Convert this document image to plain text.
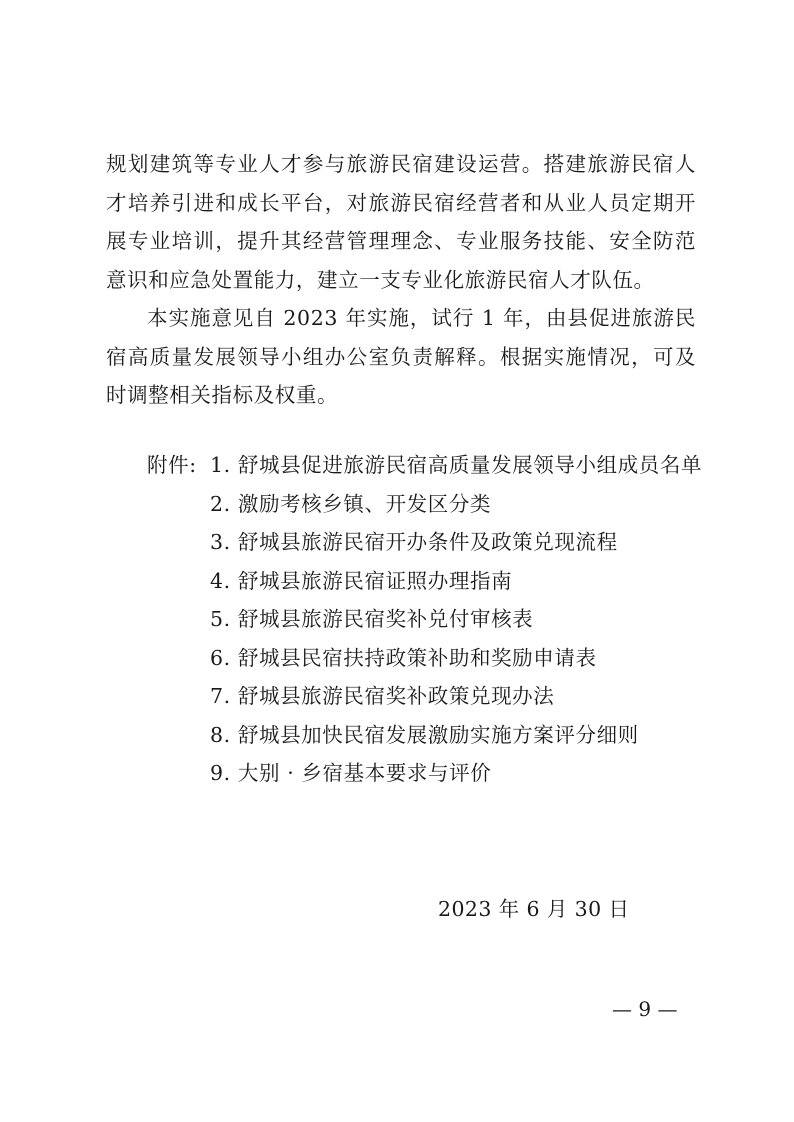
规划建筑等专业人才参与旅游民宿建设运营。搭建旅游民宿人才培养引进和成长平台，对旅游民宿经营者和从业人员定期开展专业培训，提升其经营管理理念、专业服务技能、安全防范意识和应急处置能力，建立一支专业化旅游民宿人才队伍。

本实施意见自 2023 年实施，试行 1 年，由县促进旅游民宿高质量发展领导小组办公室负责解释。根据实施情况，可及时调整相关指标及权重。

附件: 1. 舒城县促进旅游民宿高质量发展领导小组成员名单
2. 激励考核乡镇、开发区分类
3. 舒城县旅游民宿开办条件及政策兑现流程
4. 舒城县旅游民宿证照办理指南
5. 舒城县旅游民宿奖补兑付审核表
6. 舒城县民宿扶持政策补助和奖励申请表
7. 舒城县旅游民宿奖补政策兑现办法
8. 舒城县加快民宿发展激励实施方案评分细则
9. 大别 · 乡宿基本要求与评价
2023 年 6 月 30 日
— 9 —
